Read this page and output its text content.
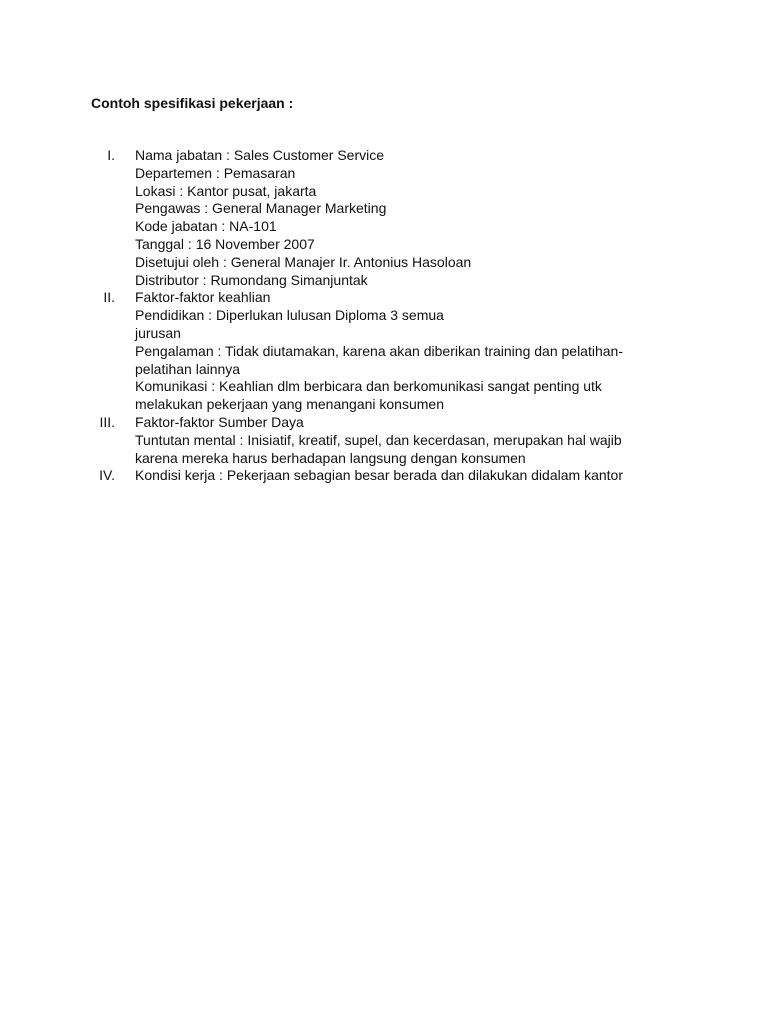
Contoh spesifikasi pekerjaan :
I. Nama jabatan : Sales Customer Service
Departemen : Pemasaran
Lokasi : Kantor pusat, jakarta
Pengawas : General Manager Marketing
Kode jabatan : NA-101
Tanggal : 16 November 2007
Disetujui oleh : General Manajer Ir. Antonius Hasoloan
Distributor : Rumondang Simanjuntak
II. Faktor-faktor keahlian
Pendidikan : Diperlukan lulusan Diploma 3 semua
jurusan
Pengalaman : Tidak diutamakan, karena akan diberikan training dan pelatihan-
pelatihan lainnya
Komunikasi : Keahlian dlm berbicara dan berkomunikasi sangat penting utk
melakukan pekerjaan yang menangani konsumen
III. Faktor-faktor Sumber Daya
Tuntutan mental : Inisiatif, kreatif, supel, dan kecerdasan, merupakan hal wajib
karena mereka harus berhadapan langsung dengan konsumen
IV. Kondisi kerja : Pekerjaan sebagian besar berada dan dilakukan didalam kantor
